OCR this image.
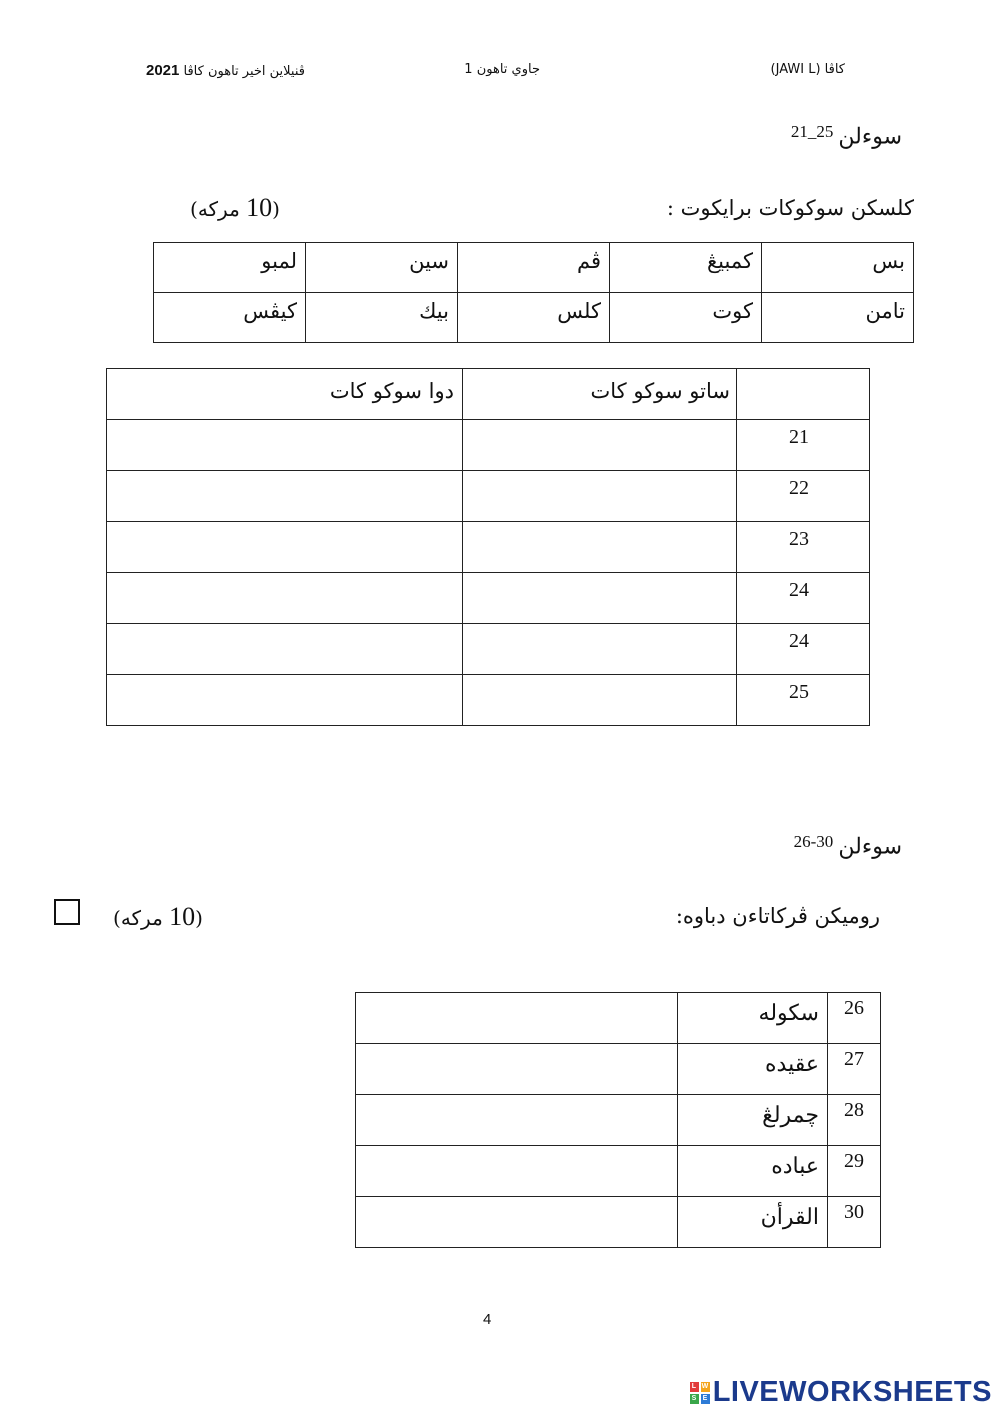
ڤنيلاين اخير تاهون كاڤا 2021	جاوي تاهون 1	كاڤا (JAWI L)
سوءلن $^{21\_25}$
كلسكن سوكوكات برايكوت :
(10 مركه)
بس	كمبيڠ	ڤم	سين	لمبو
تامن	كوت	كلس	بيك	كيڤس
	ساتو سوكو كات	دوا سوكو كات
21		
22		
23		
24		
24		
25		
سوءلن $^{26-30}$
روميكن ڤركاتاءن دباوه:
(10 مركه)
26	سكوله	
27	عقيده	
28	چمرلڠ	
29	عباده	
30	القرأن	
4
L W
S E LIVEWORKSHEETS
